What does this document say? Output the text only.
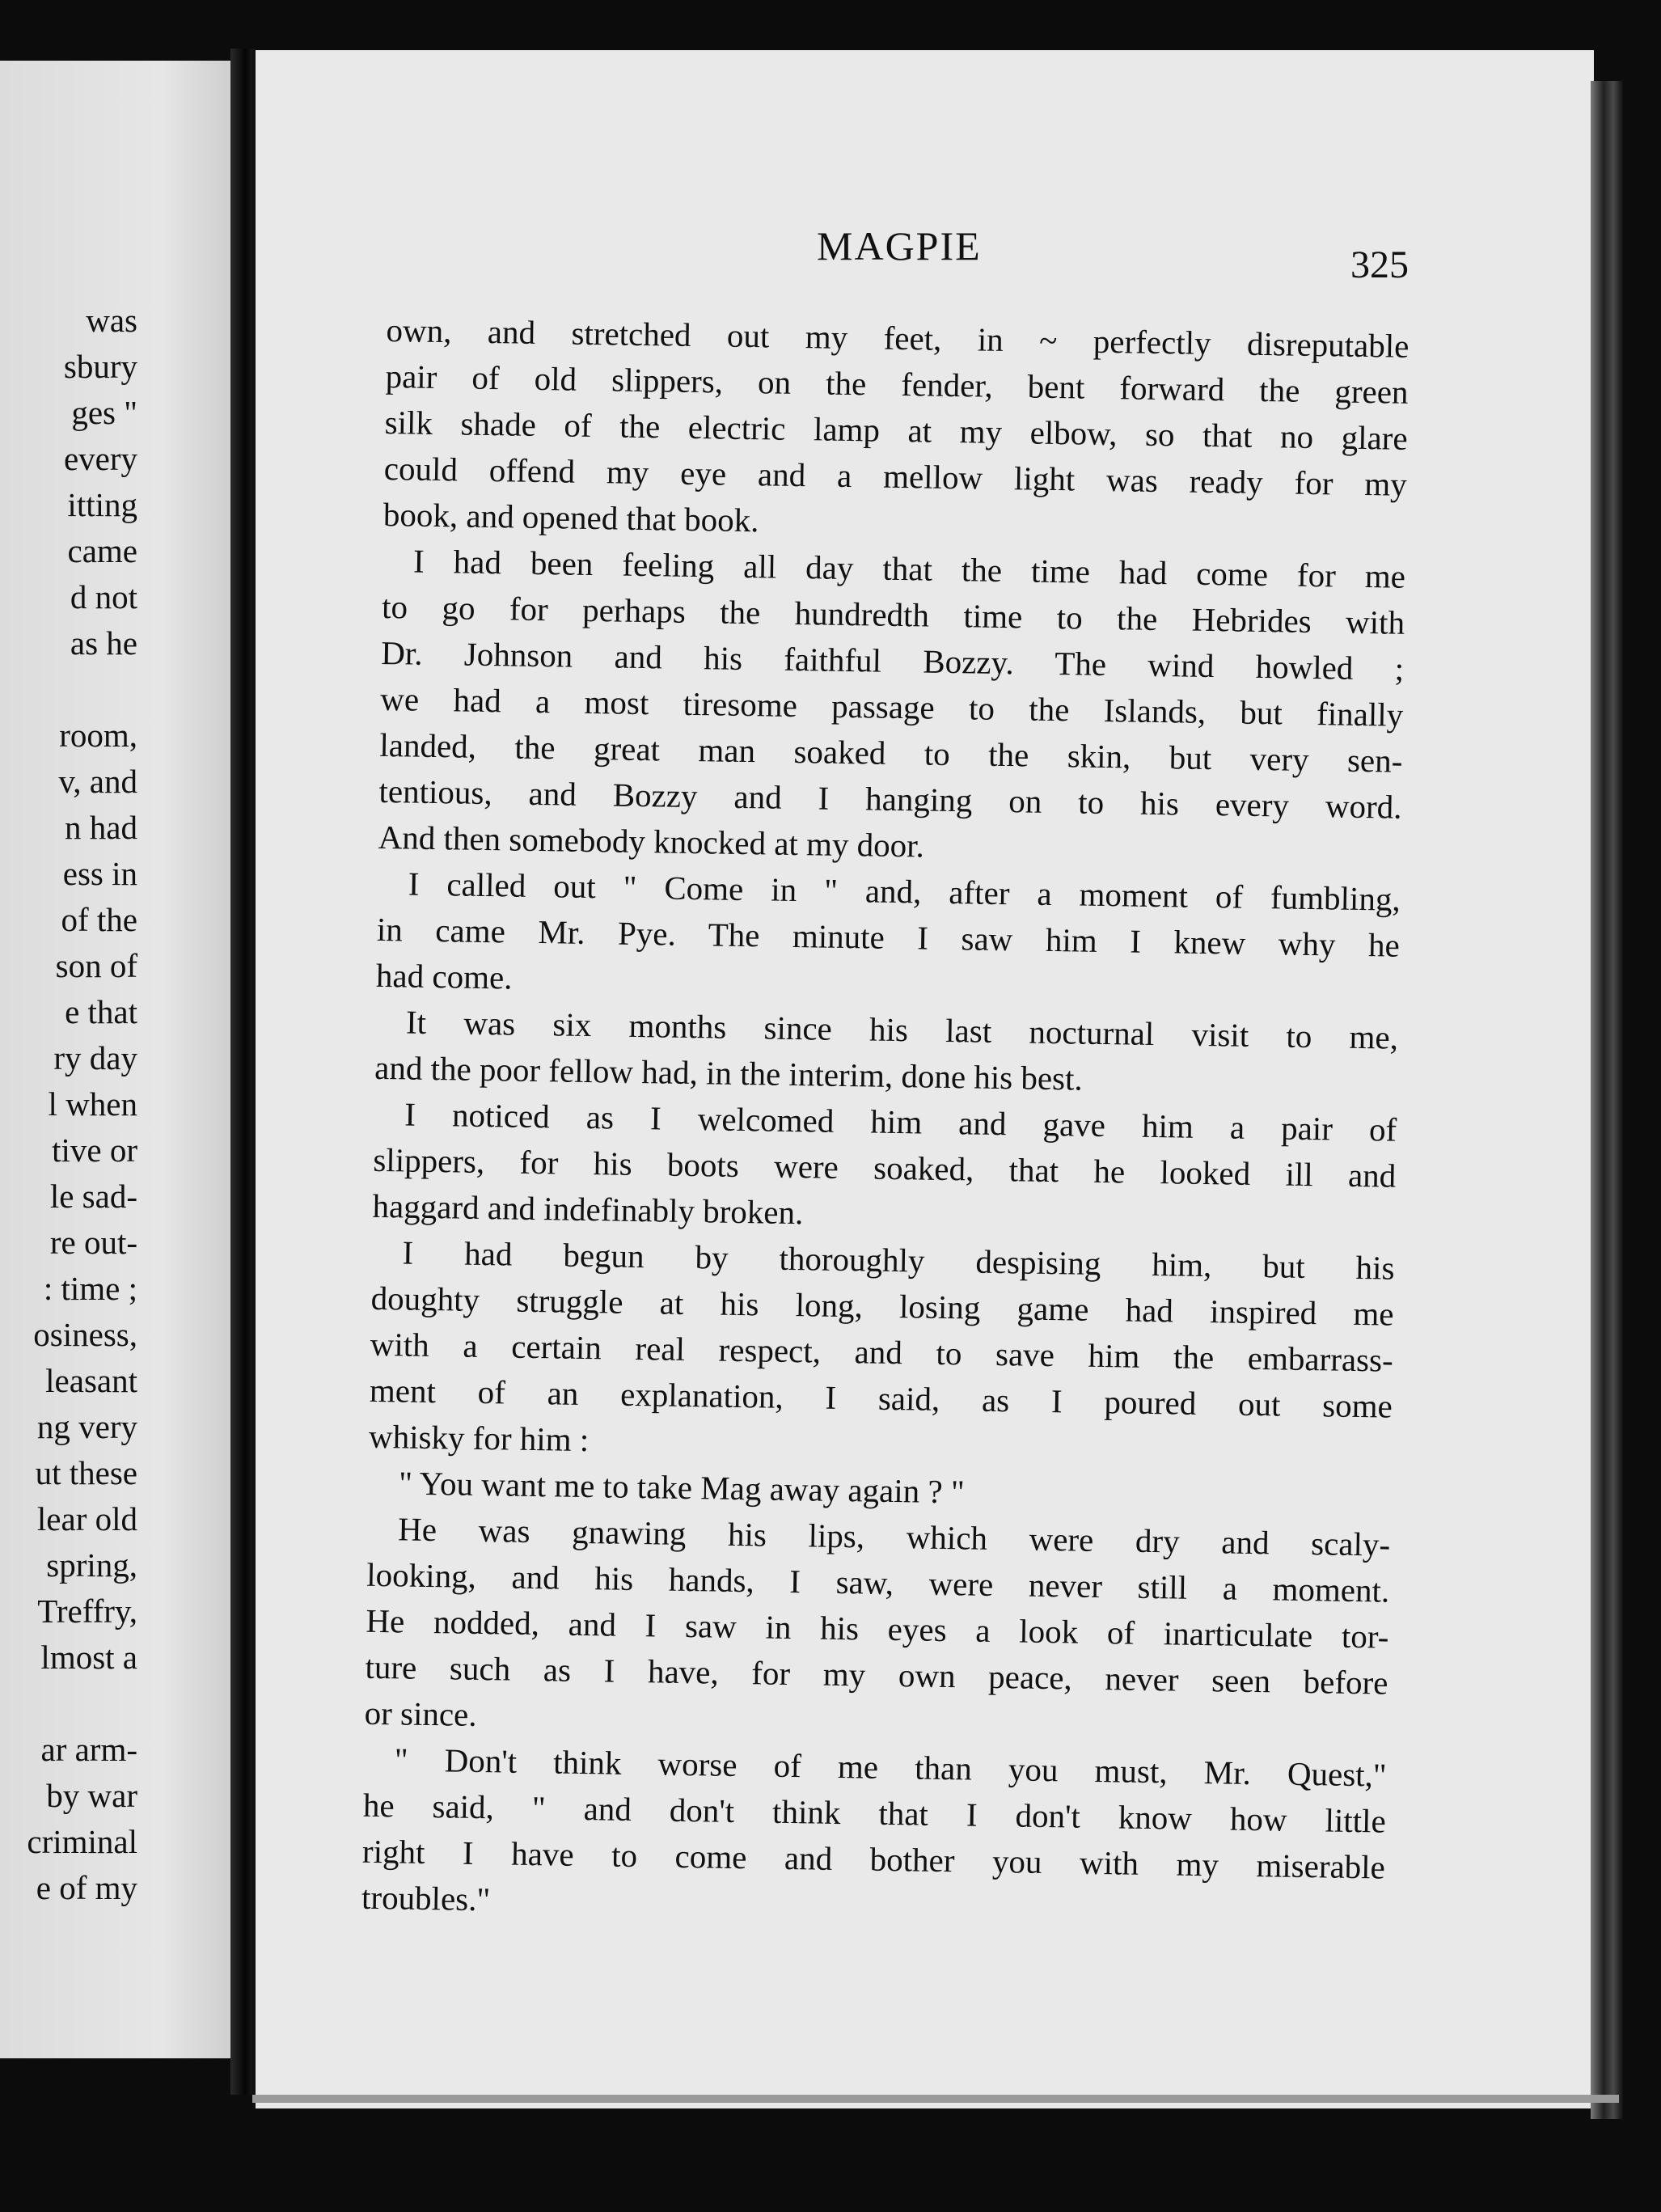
was
sbury
ges "
every
itting
came
d not
as he

room,
v, and
n had
ess in
of the
son of
e that
ry day
l when
tive or
le sad-
re out-
: time ;
osiness,
leasant
ng very
ut these
lear old
spring,
Treffry,
lmost a

ar arm-
by war
criminal
e of my
MAGPIE	325
own, and stretched out my feet, in ~ perfectly disreputable
pair of old slippers, on the fender, bent forward the green
silk shade of the electric lamp at my elbow, so that no glare
could offend my eye and a mellow light was ready for my
book, and opened that book.
I had been feeling all day that the time had come for me
to go for perhaps the hundredth time to the Hebrides with
Dr. Johnson and his faithful Bozzy. The wind howled ;
we had a most tiresome passage to the Islands, but finally
landed, the great man soaked to the skin, but very sen-
tentious, and Bozzy and I hanging on to his every word.
And then somebody knocked at my door.
I called out " Come in " and, after a moment of fumbling,
in came Mr. Pye. The minute I saw him I knew why he
had come.
It was six months since his last nocturnal visit to me,
and the poor fellow had, in the interim, done his best.
I noticed as I welcomed him and gave him a pair of
slippers, for his boots were soaked, that he looked ill and
haggard and indefinably broken.
I had begun by thoroughly despising him, but his
doughty struggle at his long, losing game had inspired me
with a certain real respect, and to save him the embarrass-
ment of an explanation, I said, as I poured out some
whisky for him :
" You want me to take Mag away again ? "
He was gnawing his lips, which were dry and scaly-
looking, and his hands, I saw, were never still a moment.
He nodded, and I saw in his eyes a look of inarticulate tor-
ture such as I have, for my own peace, never seen before
or since.
" Don't think worse of me than you must, Mr. Quest,"
he said, " and don't think that I don't know how little
right I have to come and bother you with my miserable
troubles."
